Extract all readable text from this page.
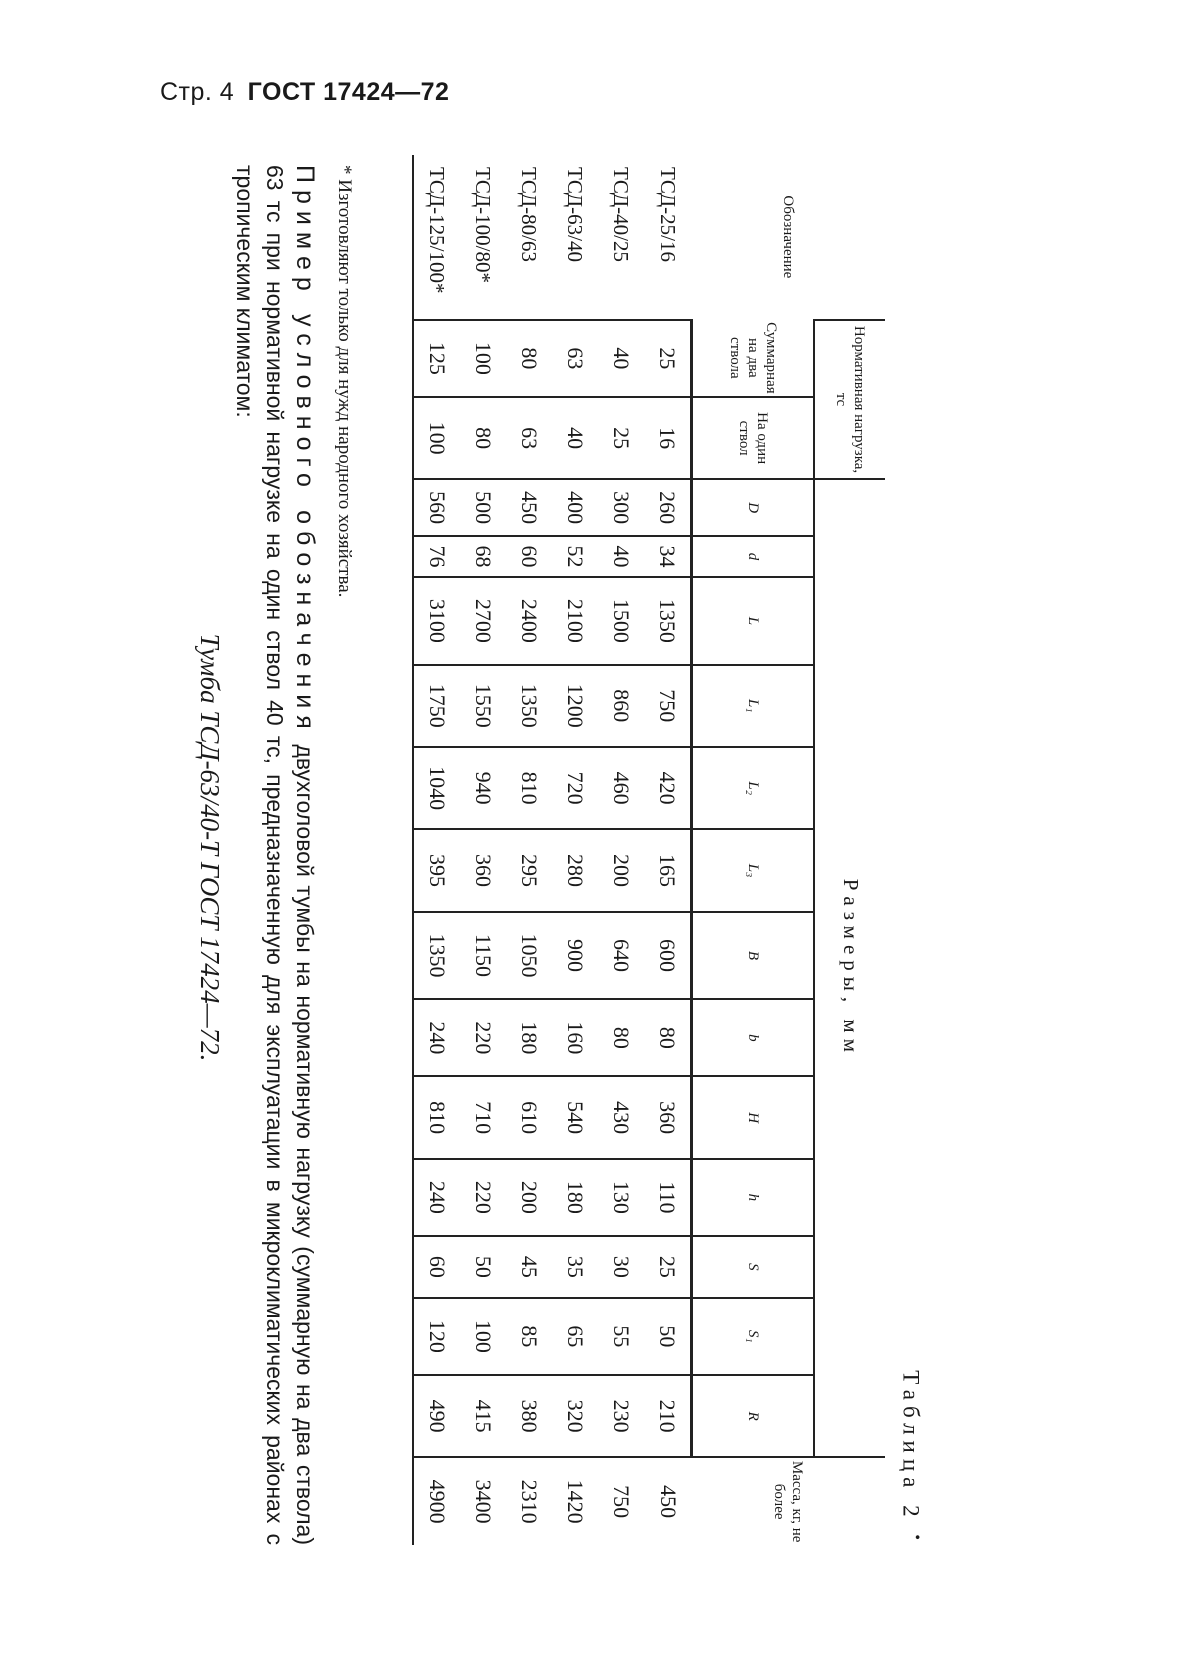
Стр. 4 ГОСТ 17424—72
Таблица 2 •
Обозначение	Нормативная нагрузка, тс		Размеры, мм													Масса, кг, не более
	Суммарная на два ствола	На один ствол	D	d	L	L₁	L₂	L₃	B	b	H	h	S	S₁	R	
ТСД-25/16	25	16	260	34	1350	750	420	165	600	80	360	110	25	50	210	450
ТСД-40/25	40	25	300	40	1500	860	460	200	640	80	430	130	30	55	230	750
ТСД-63/40	63	40	400	52	2100	1200	720	280	900	160	540	180	35	65	320	1420
ТСД-80/63	80	63	450	60	2400	1350	810	295	1050	180	610	200	45	85	380	2310
ТСД-100/80*	100	80	500	68	2700	1550	940	360	1150	220	710	220	50	100	415	3400
ТСД-125/100*	125	100	560	76	3100	1750	1040	395	1350	240	810	240	60	120	490	4900
* Изготовляют только для нужд народного хозяйства.
Пример условного обозначения двухголовой тумбы на нормативную нагрузку (суммарную на два ствола) 63 тс при нормативной нагрузке на один ствол 40 тс, предназначенную для эксплуатации в микроклиматических районах с тропическим климатом:
Тумба ТСД-63/40-Т ГОСТ 17424—72.
